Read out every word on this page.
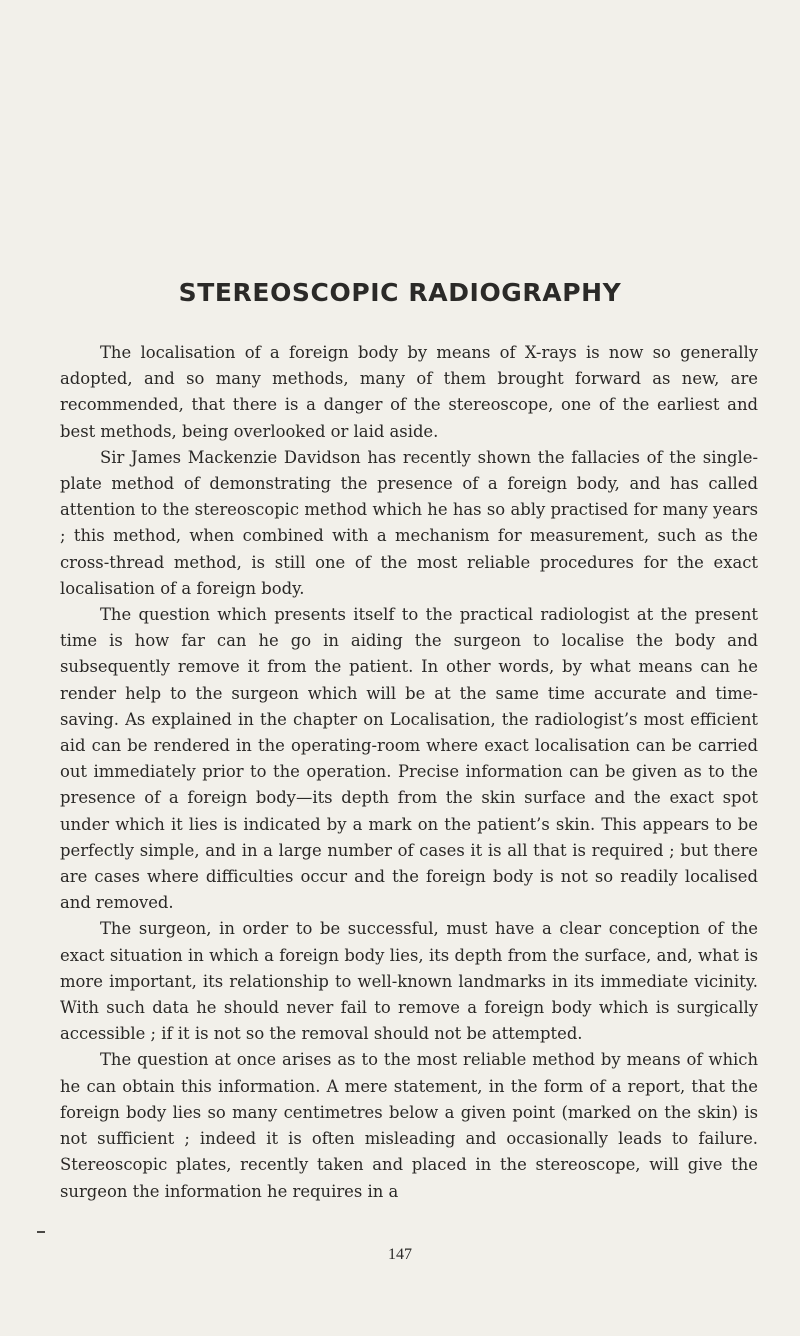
STEREOSCOPIC RADIOGRAPHY

The localisation of a foreign body by means of X-rays is now so generally adopted, and so many methods, many of them brought forward as new, are recommended, that there is a danger of the stereoscope, one of the earliest and best methods, being overlooked or laid aside.

Sir James Mackenzie Davidson has recently shown the fallacies of the single-plate method of demonstrating the presence of a foreign body, and has called attention to the stereoscopic method which he has so ably practised for many years ; this method, when combined with a mechanism for measurement, such as the cross-thread method, is still one of the most reliable procedures for the exact localisation of a foreign body.

The question which presents itself to the practical radiologist at the present time is how far can he go in aiding the surgeon to localise the body and subsequently remove it from the patient. In other words, by what means can he render help to the surgeon which will be at the same time accurate and time-saving. As explained in the chapter on Localisation, the radiologist’s most efficient aid can be rendered in the operating-room where exact localisation can be carried out immediately prior to the operation. Precise information can be given as to the presence of a foreign body—its depth from the skin surface and the exact spot under which it lies is indicated by a mark on the patient’s skin. This appears to be perfectly simple, and in a large number of cases it is all that is required ; but there are cases where difficulties occur and the foreign body is not so readily localised and removed.

The surgeon, in order to be successful, must have a clear conception of the exact situation in which a foreign body lies, its depth from the surface, and, what is more important, its relationship to well-known landmarks in its immediate vicinity. With such data he should never fail to remove a foreign body which is surgically accessible ; if it is not so the removal should not be attempted.

The question at once arises as to the most reliable method by means of which he can obtain this information. A mere statement, in the form of a report, that the foreign body lies so many centimetres below a given point (marked on the skin) is not sufficient ; indeed it is often misleading and occasionally leads to failure. Stereoscopic plates, recently taken and placed in the stereoscope, will give the surgeon the information he requires in a

147
